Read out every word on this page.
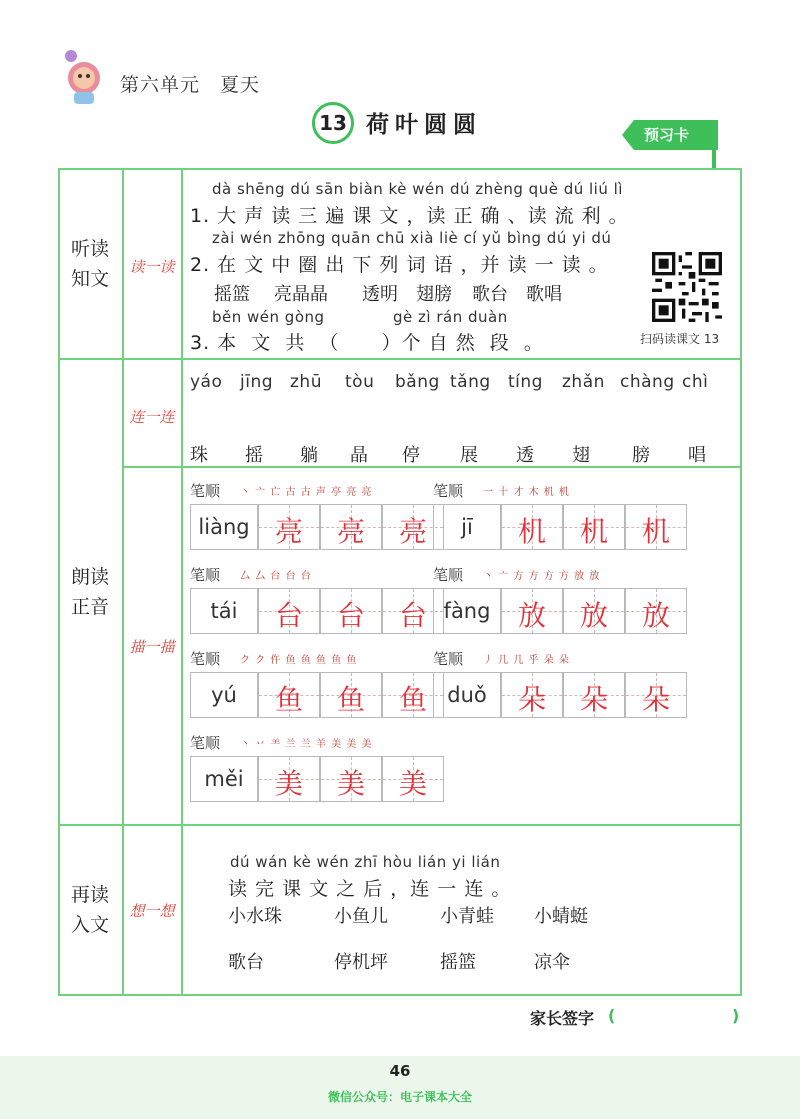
第六单元　夏天
13 荷叶圆圆	预习卡
听读
知文
读一读
朗读
正音
连一连
描一描
再读
入文
想一想
dà shēng dú sān biàn kè wén dú zhèng què dú liú lì
1. 大 声 读 三 遍 课 文 ，读 正 确 、读 流 利 。
zài wén zhōng quān chū xià liè cí yǔ bìng dú yi dú
2. 在 文 中 圈 出 下 列 词 语 ，并 读 一 读 。
摇篮 亮晶晶 透明 翅膀 歌台 歌唱
běn wén gòng             gè zì rán duàn
3. 本  文  共  （      ）个 自 然  段  。	扫码读课文 13
yáo jīng zhū tòu bǎng tǎng tíng zhǎn chàng chì
珠 摇 躺 晶 停 展 透 翅 膀 唱
笔顺 丶 亠 亡 古 古 声 亭 亮 亮
liàng 亮	亮	亮
笔顺 一 十 才 木 机 机
jī	机	机	机
笔顺 厶 厶 台 台 台
tái	台	台	台
笔顺 丶 亠 方 方 方 方 放 放
fàng 放	放	放
笔顺 ク ク 仵 鱼 鱼 鱼 鱼 鱼
yú	鱼	鱼	鱼
笔顺 丿 几 几 乎 朵 朵
duǒ	朵	朵	朵
笔顺 丶 丷 ⺷ 兰 兰 羊 美 美 美
měi	美	美	美
dú wán kè wén zhī hòu lián yi lián
读 完 课 文 之 后 ，连 一 连 。
小水珠	小鱼儿	小青蛙 小蜻蜓
歌台	停机坪	摇篮	凉伞
家长签字 (	)
46
微信公众号：电子课本大全
